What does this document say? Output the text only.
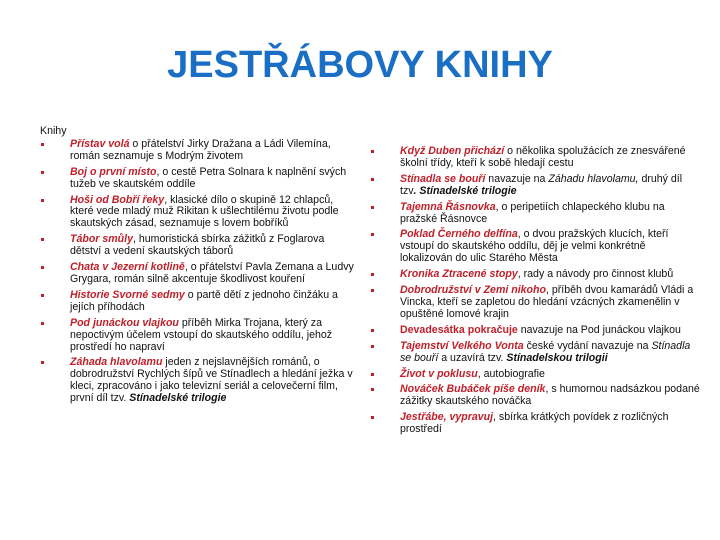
JESTŘÁBOVY KNIHY
Knihy
Přístav volá o přátelství Jirky Dražana a Ládi Vilemína, román seznamuje s Modrým životem
Boj o první místo, o cestě Petra Solnara k naplnění svých tužeb ve skautském oddíle
Hoši od Bobří řeky, klasické dílo o skupině 12 chlapců, které vede mladý muž Rikitan k ušlechtilému životu podle skautských zásad, seznamuje s lovem bobříků
Tábor smůly, humoristická sbírka zážitků z Foglarova dětství a vedení skautských táborů
Chata v Jezerní kotlině, o přátelství Pavla Zemana a Ludvy Grygara, román silně akcentuje škodlivost kouření
Historie Svorné sedmy o partě dětí z jednoho činžáku a jejích příhodách
Pod junáckou vlajkou příběh Mirka Trojana, který za nepoctivým účelem vstoupí do skautského oddílu, jehož prostředí ho napraví
Záhada hlavolamu jeden z nejslavnějších románů, o dobrodružství Rychlých šípů ve Stínadlech a hledání ježka v kleci, zpracováno i jako televizní seriál a celovečerní film, první díl tzv. Stínadelské trilogie
Když Duben přichází o několika spolužácích ze znesvářené školní třídy, kteří k sobě hledají cestu
Stínadla se bouří navazuje na Záhadu hlavolamu, druhý díl tzv. Stínadelské trilogie
Tajemná Řásnovka, o peripetiích chlapeckého klubu na pražské Řásnovce
Poklad Černého delfína, o dvou pražských klucích, kteří vstoupí do skautského oddílu, děj je velmi konkrétně lokalizován do ulic Starého Města
Kronika Ztracené stopy, rady a návody pro činnost klubů
Dobrodružství v Zemi nikoho, příběh dvou kamarádů Vládi a Vincka, kteří se zapletou do hledání vzácných zkamenělin v opuštěné lomové krajin
Devadesátka pokračuje navazuje na Pod junáckou vlajkou
Tajemství Velkého Vonta české vydání navazuje na Stínadla se bouří a uzavírá tzv. Stínadelskou trilogii
Život v poklusu, autobiografie
Nováček Bubáček píše deník, s humornou nadsázkou podané zážitky skautského nováčka
Jestřábe, vypravuj, sbírka krátkých povídek z rozličných prostředí
